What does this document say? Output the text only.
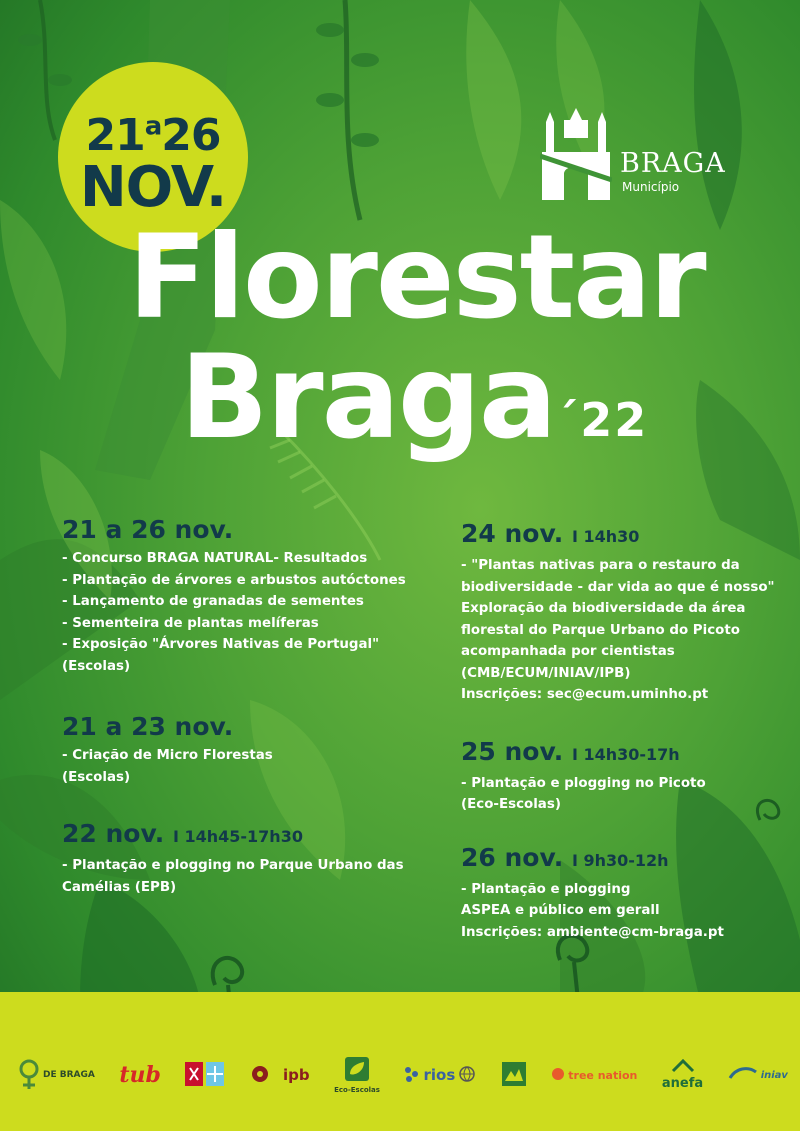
21$^a$26
NOV.	BRAGA
Município
Florestar
Braga$^{´22}$
21 a 26 nov.
- Concurso BRAGA NATURAL- Resultados
- Plantação de árvores e arbustos autóctones
- Lançamento de granadas de sementes
- Sementeira de plantas melíferas
- Exposição "Árvores Nativas de Portugal"
(Escolas)
21 a 23 nov.
- Criação de Micro Florestas
(Escolas)
22 nov. I 14h45-17h30
- Plantação e plogging no Parque Urbano das
Camélias (EPB)
24 nov. I 14h30
- "Plantas nativas para o restauro da
biodiversidade - dar vida ao que é nosso"
Exploração da biodiversidade da área
florestal do Parque Urbano do Picoto
acompanhada por cientistas
(CMB/ECUM/INIAV/IPB)
Inscrições: sec@ecum.uminho.pt
25 nov. I 14h30-17h
- Plantação e plogging no Picoto
(Eco-Escolas)
26 nov. I 9h30-12h
- Plantação e plogging
ASPEA e público em gerall
Inscrições: ambiente@cm-braga.pt
DE BRAGA tub	ipb
Eco-Escolas
rios	tree nation
anefa
iniav
